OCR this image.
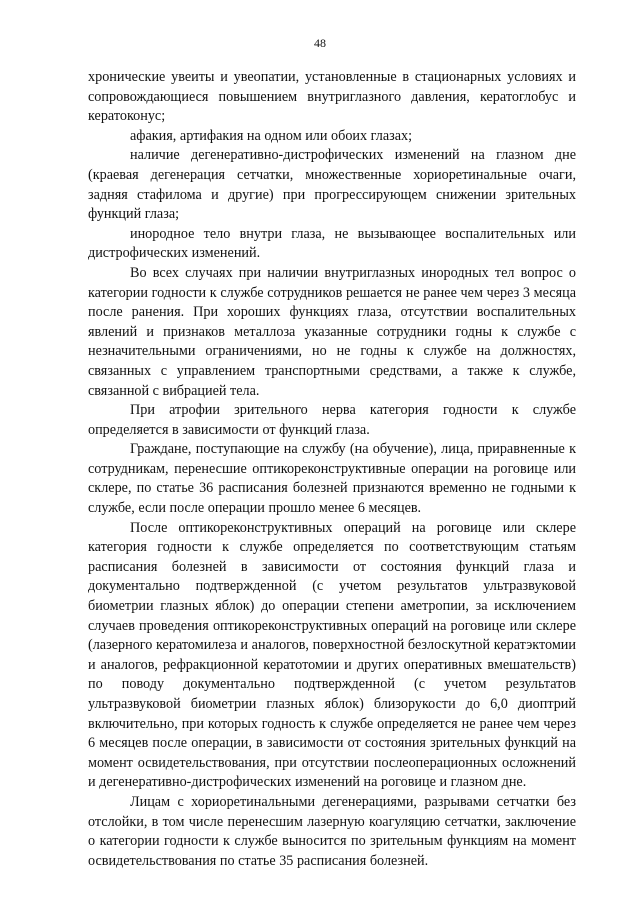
48

хронические увеиты и увеопатии, установленные в стационарных условиях и сопровождающиеся повышением внутриглазного давления, кератоглобус и кератоконус;

афакия, артифакия на одном или обоих глазах;

наличие дегенеративно-дистрофических изменений на глазном дне (краевая дегенерация сетчатки, множественные хориоретинальные очаги, задняя стафилома и другие) при прогрессирующем снижении зрительных функций глаза;

инородное тело внутри глаза, не вызывающее воспалительных или дистрофических изменений.

Во всех случаях при наличии внутриглазных инородных тел вопрос о категории годности к службе сотрудников решается не ранее чем через 3 месяца после ранения. При хороших функциях глаза, отсутствии воспалительных явлений и признаков металлоза указанные сотрудники годны к службе с незначительными ограничениями, но не годны к службе на должностях, связанных с управлением транспортными средствами, а также к службе, связанной с вибрацией тела.

При атрофии зрительного нерва категория годности к службе определяется в зависимости от функций глаза.

Граждане, поступающие на службу (на обучение), лица, приравненные к сотрудникам, перенесшие оптикореконструктивные операции на роговице или склере, по статье 36 расписания болезней признаются временно не годными к службе, если после операции прошло менее 6 месяцев.

После оптикореконструктивных операций на роговице или склере категория годности к службе определяется по соответствующим статьям расписания болезней в зависимости от состояния функций глаза и документально подтвержденной (с учетом результатов ультразвуковой биометрии глазных яблок) до операции степени аметропии, за исключением случаев проведения оптикореконструктивных операций на роговице или склере (лазерного кератомилеза и аналогов, поверхностной безлоскутной кератэктомии и аналогов, рефракционной кератотомии и других оперативных вмешательств) по поводу документально подтвержденной (с учетом результатов ультразвуковой биометрии глазных яблок) близорукости до 6,0 диоптрий включительно, при которых годность к службе определяется не ранее чем через 6 месяцев после операции, в зависимости от состояния зрительных функций на момент освидетельствования, при отсутствии послеоперационных осложнений и дегенеративно-дистрофических изменений на роговице и глазном дне.

Лицам с хориоретинальными дегенерациями, разрывами сетчатки без отслойки, в том числе перенесшим лазерную коагуляцию сетчатки, заключение о категории годности к службе выносится по зрительным функциям на момент освидетельствования по статье 35 расписания болезней.
